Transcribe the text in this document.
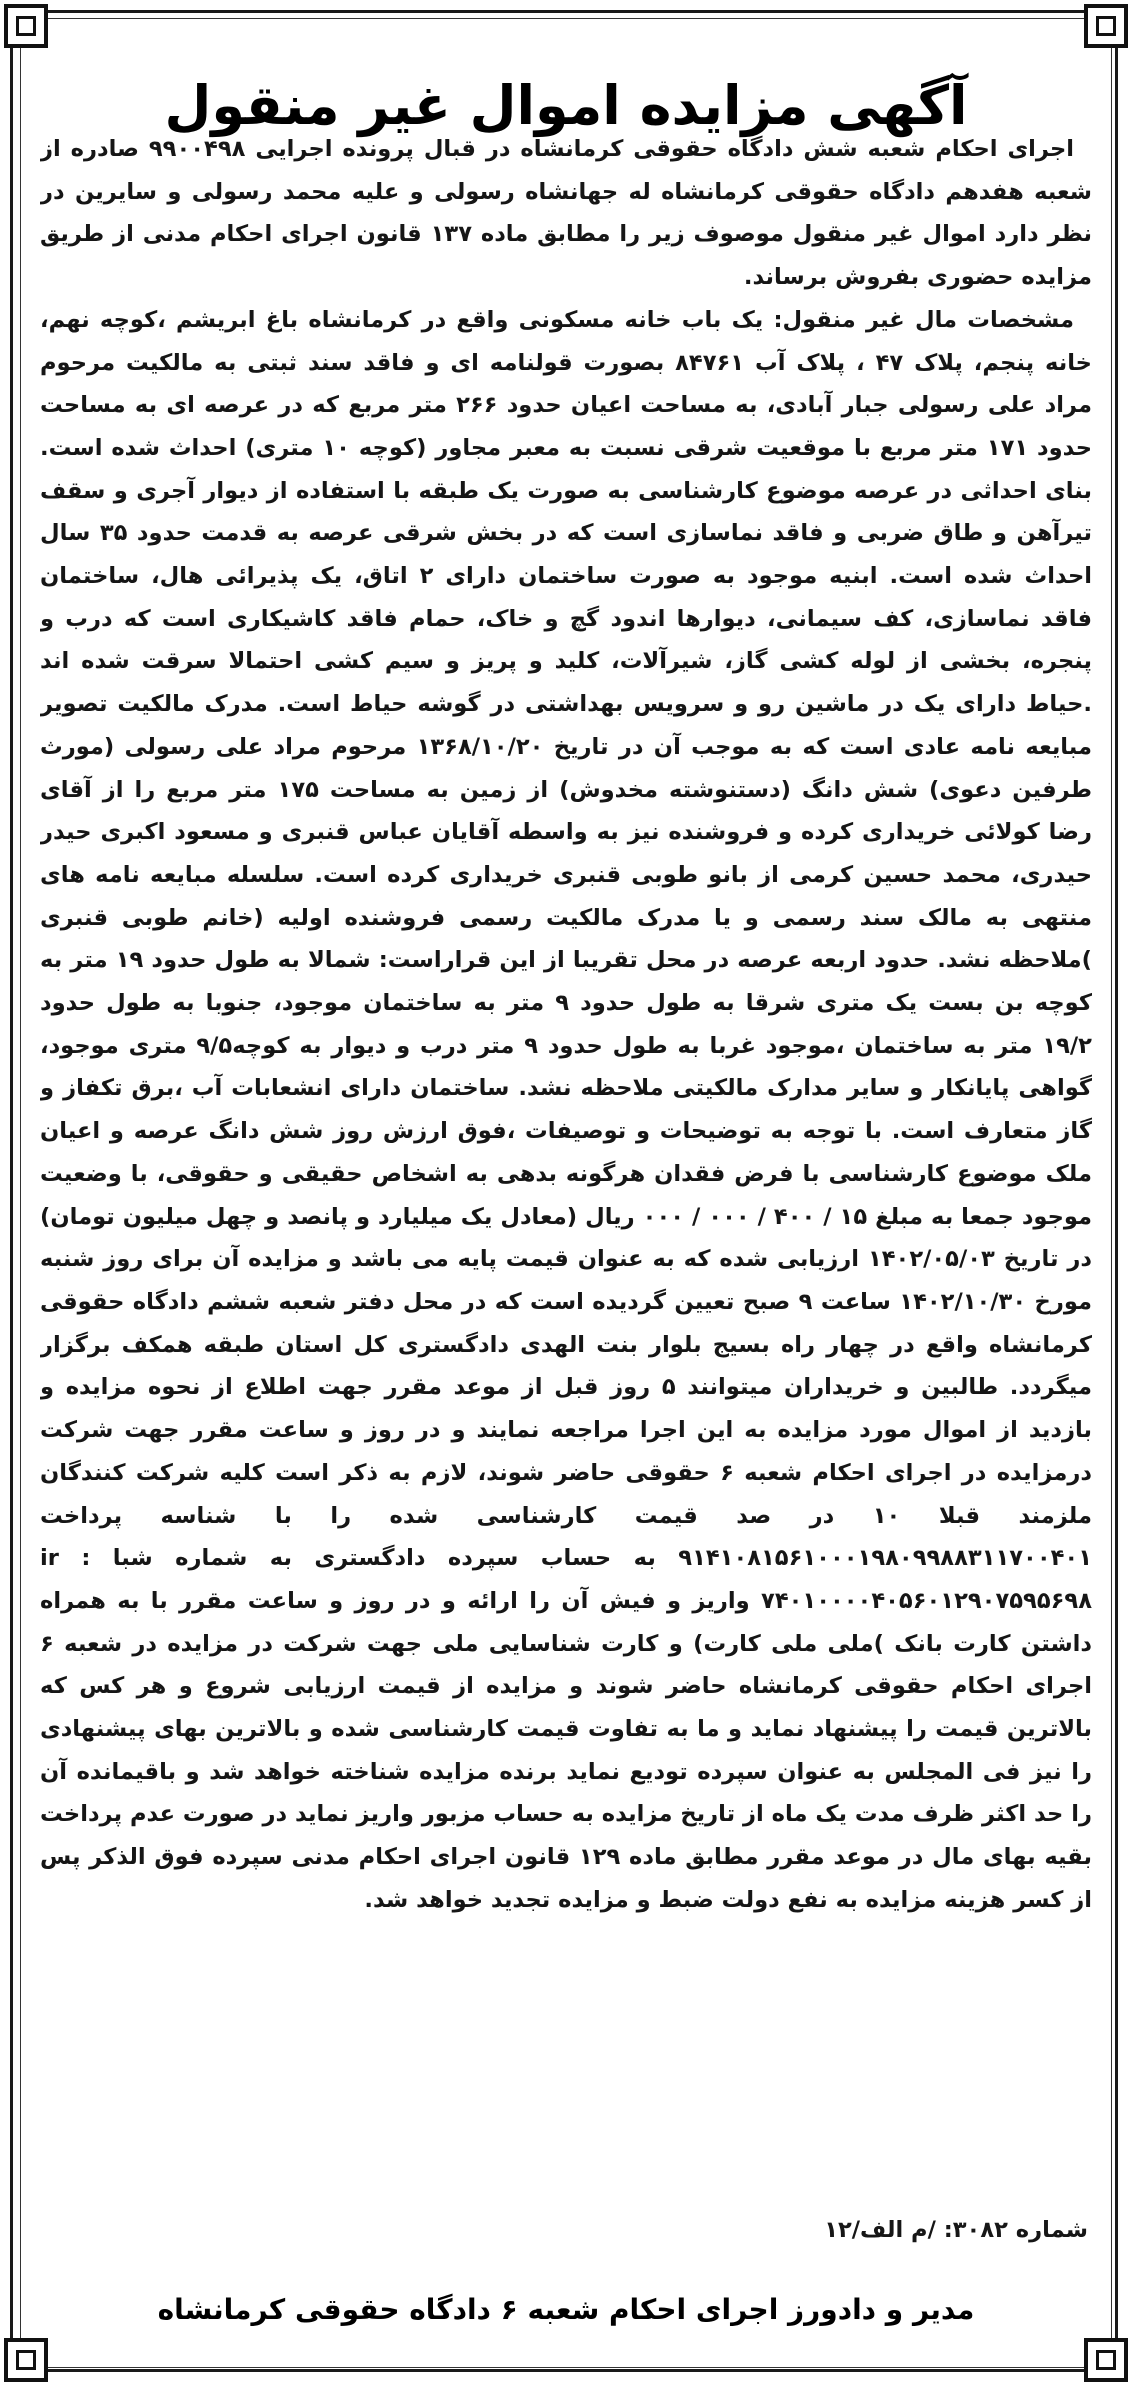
آگهی مزایده اموال غیر منقول

اجرای احکام شعبه شش دادگاه حقوقی کرمانشاه در قبال پرونده اجرایی ۹۹۰۰۴۹۸ صادره از شعبه هفدهم دادگاه حقوقی کرمانشاه له جهانشاه رسولی و علیه محمد رسولی و سایرین در نظر دارد اموال غیر منقول موصوف زیر را مطابق ماده ۱۳۷ قانون اجرای احکام مدنی از طریق مزایده حضوری بفروش برساند.

مشخصات مال غیر منقول: یک باب خانه مسکونی واقع در کرمانشاه باغ ابریشم ،کوچه نهم، خانه پنجم، پلاک ۴۷ ، پلاک آب ۸۴۷۶۱ بصورت قولنامه ای و فاقد سند ثبتی به مالکیت مرحوم مراد علی رسولی جبار آبادی، به مساحت اعیان حدود ۲۶۶ متر مربع که در عرصه ای به مساحت حدود ۱۷۱ متر مربع با موقعیت شرقی نسبت به معبر مجاور (کوچه ۱۰ متری) احداث شده است. بنای احداثی در عرصه موضوع کارشناسی به صورت یک طبقه با استفاده از دیوار آجری و سقف تیرآهن و طاق ضربی و فاقد نماسازی است که در بخش شرقی عرصه به قدمت حدود ۳۵ سال احداث شده است. ابنیه موجود به صورت ساختمان دارای ۲ اتاق، یک پذیرائی هال، ساختمان فاقد نماسازی، کف سیمانی، دیوارها اندود گچ و خاک، حمام فاقد کاشیکاری است که درب و پنجره، بخشی از لوله کشی گاز، شیرآلات، کلید و پریز و سیم کشی احتمالا سرقت شده اند .حیاط دارای یک در ماشین رو و سرویس بهداشتی در گوشه حیاط است. مدرک مالکیت تصویر مبایعه نامه عادی است که به موجب آن در تاریخ ۱۳۶۸/۱۰/۲۰ مرحوم مراد علی رسولی (مورث طرفین دعوی) شش دانگ (دستنوشته مخدوش) از زمین به مساحت ۱۷۵ متر مربع را از آقای رضا کولائی خریداری کرده و فروشنده نیز به واسطه آقایان عباس قنبری و مسعود اکبری حیدر حیدری، محمد حسین کرمی از بانو طوبی قنبری خریداری کرده است. سلسله مبایعه نامه های منتهی به مالک سند رسمی و یا مدرک مالکیت رسمی فروشنده اولیه (خانم طوبی قنبری )ملاحظه نشد. حدود اربعه عرصه در محل تقریبا از این قراراست: شمالا به طول حدود ۱۹ متر به کوچه بن بست یک متری شرقا به طول حدود ۹ متر به ساختمان موجود، جنوبا به طول حدود ۱۹/۲ متر به ساختمان ،موجود غربا به طول حدود ۹ متر درب و دیوار به کوچه۹/۵ متری موجود، گواهی پایانکار و سایر مدارک مالکیتی ملاحظه نشد. ساختمان دارای انشعابات آب ،برق تکفاز و گاز متعارف است. با توجه به توضیحات و توصیفات ،فوق ارزش روز شش دانگ عرصه و اعیان ملک موضوع کارشناسی با فرض فقدان هرگونه بدهی به اشخاص حقیقی و حقوقی، با وضعیت موجود جمعا به مبلغ ۱۵ / ۴۰۰ / ۰۰۰ / ۰۰۰ ریال (معادل یک میلیارد و پانصد و چهل میلیون تومان) در تاریخ ۱۴۰۲/۰۵/۰۳ ارزیابی شده که به عنوان قیمت پایه می باشد و مزایده آن برای روز شنبه مورخ ۱۴۰۲/۱۰/۳۰ ساعت ۹ صبح تعیین گردیده است که در محل دفتر شعبه ششم دادگاه حقوقی کرمانشاه واقع در چهار راه بسیج بلوار بنت الهدی دادگستری کل استان طبقه همکف برگزار میگردد. طالبین و خریداران میتوانند ۵ روز قبل از موعد مقرر جهت اطلاع از نحوه مزایده و بازدید از اموال مورد مزایده به این اجرا مراجعه نمایند و در روز و ساعت مقرر جهت شرکت درمزایده در اجرای احکام شعبه ۶ حقوقی حاضر شوند، لازم به ذکر است کلیه شرکت کنندگان ملزمند قبلا ۱۰ در صد قیمت کارشناسی شده را با شناسه پرداخت ۹۱۴۱۰۸۱۵۶۱۰۰۰۱۹۸۰۹۹۸۸۳۱۱۷۰۰۴۰۱ به حساب سپرده دادگستری به شماره شبا : ir ۷۴۰۱۰۰۰۰۴۰۵۶۰۱۲۹۰۷۵۹۵۶۹۸ واریز و فیش آن را ارائه و در روز و ساعت مقرر با به همراه داشتن کارت بانک )ملی ملی کارت) و کارت شناسایی ملی جهت شرکت در مزایده در شعبه ۶ اجرای احکام حقوقی کرمانشاه حاضر شوند و مزایده از قیمت ارزیابی شروع و هر کس که بالاترین قیمت را پیشنهاد نماید و ما به تفاوت قیمت کارشناسی شده و بالاترین بهای پیشنهادی را نیز فی المجلس به عنوان سپرده تودیع نماید برنده مزایده شناخته خواهد شد و باقیمانده آن را حد اکثر ظرف مدت یک ماه از تاریخ مزایده به حساب مزبور واریز نماید در صورت عدم پرداخت بقیه بهای مال در موعد مقرر مطابق ماده ۱۲۹ قانون اجرای احکام مدنی سپرده فوق الذکر پس از کسر هزینه مزایده به نفع دولت ضبط و مزایده تجدید خواهد شد.

شماره ۳۰۸۲: /م الف/۱۲
مدیر و دادورز اجرای احکام شعبه ۶ دادگاه حقوقی کرمانشاه
